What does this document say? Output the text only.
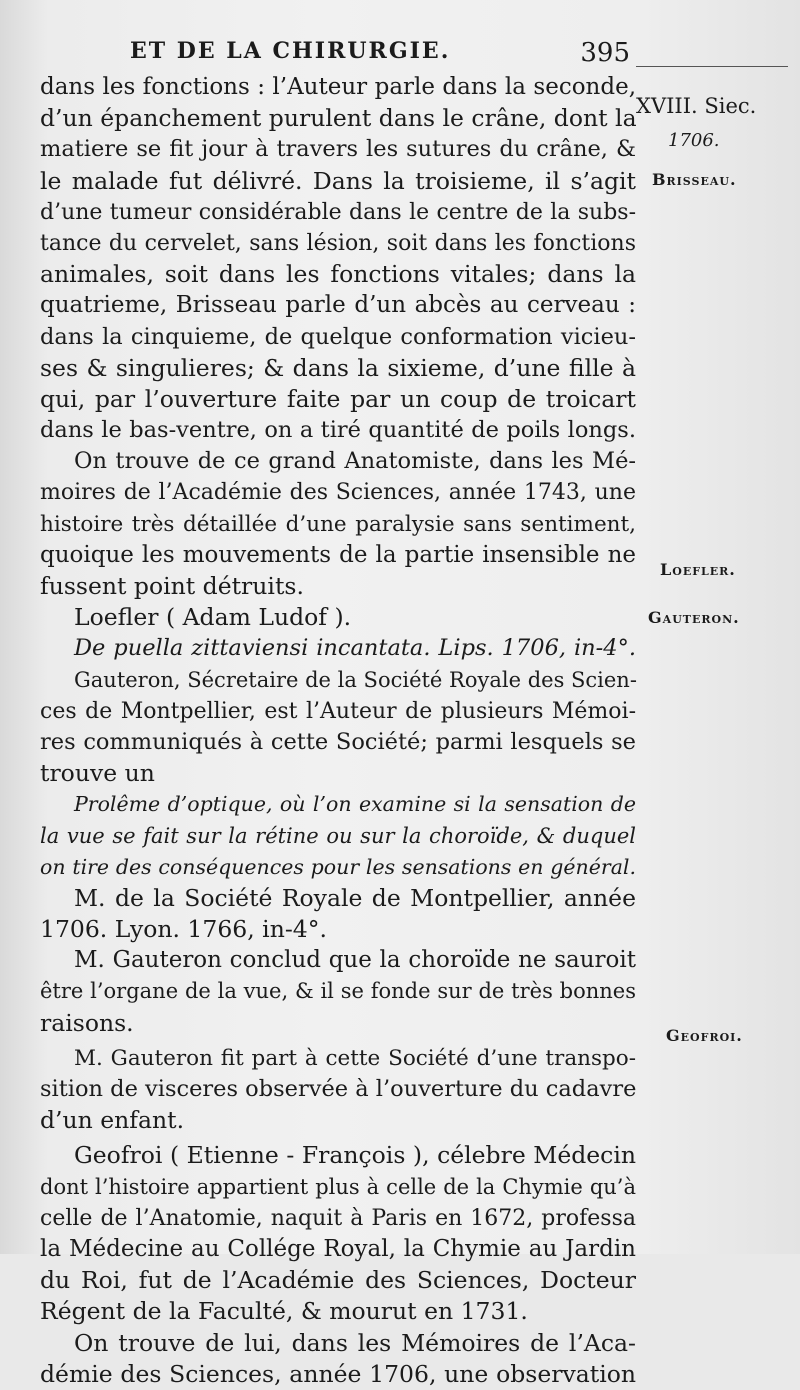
ET DE LA CHIRURGIE.	395
XVIII. Siec.
1706.
Brisseau.
Loefler.
Gauteron.
Geofroi.
dans les fonctions : l’Auteur parle dans la seconde,
d’un épanchement purulent dans le crâne, dont la
matiere se fit jour à travers les sutures du crâne, &
le malade fut délivré. Dans la troisieme, il s’agit
d’une tumeur considérable dans le centre de la subs-
tance du cervelet, sans lésion, soit dans les fonctions
animales, soit dans les fonctions vitales; dans la
quatrieme, Brisseau parle d’un abcès au cerveau :
dans la cinquieme, de quelque conformation vicieu-
ses & singulieres; & dans la sixieme, d’une fille à
qui, par l’ouverture faite par un coup de troicart
dans le bas-ventre, on a tiré quantité de poils longs.
On trouve de ce grand Anatomiste, dans les Mé-
moires de l’Académie des Sciences, année 1743, une
histoire très détaillée d’une paralysie sans sentiment,
quoique les mouvements de la partie insensible ne
fussent point détruits.
Loefler ( Adam Ludof ).
De puella zittaviensi incantata. Lips. 1706, in-4°.
Gauteron, Sécretaire de la Société Royale des Scien-
ces de Montpellier, est l’Auteur de plusieurs Mémoi-
res communiqués à cette Société; parmi lesquels se
trouve un
Prolême d’optique, où l’on examine si la sensation de
la vue se fait sur la rétine ou sur la choroïde, & duquel
on tire des conséquences pour les sensations en général.
M. de la Société Royale de Montpellier, année
1706. Lyon. 1766, in-4°.
M. Gauteron conclud que la choroïde ne sauroit
être l’organe de la vue, & il se fonde sur de très bonnes
raisons.
M. Gauteron fit part à cette Société d’une transpo-
sition de visceres observée à l’ouverture du cadavre
d’un enfant.
Geofroi ( Etienne - François ), célebre Médecin
dont l’histoire appartient plus à celle de la Chymie qu’à
celle de l’Anatomie, naquit à Paris en 1672, professa
la Médecine au Collége Royal, la Chymie au Jardin
du Roi, fut de l’Académie des Sciences, Docteur
Régent de la Faculté, & mourut en 1731.
On trouve de lui, dans les Mémoires de l’Aca-
démie des Sciences, année 1706, une observation
